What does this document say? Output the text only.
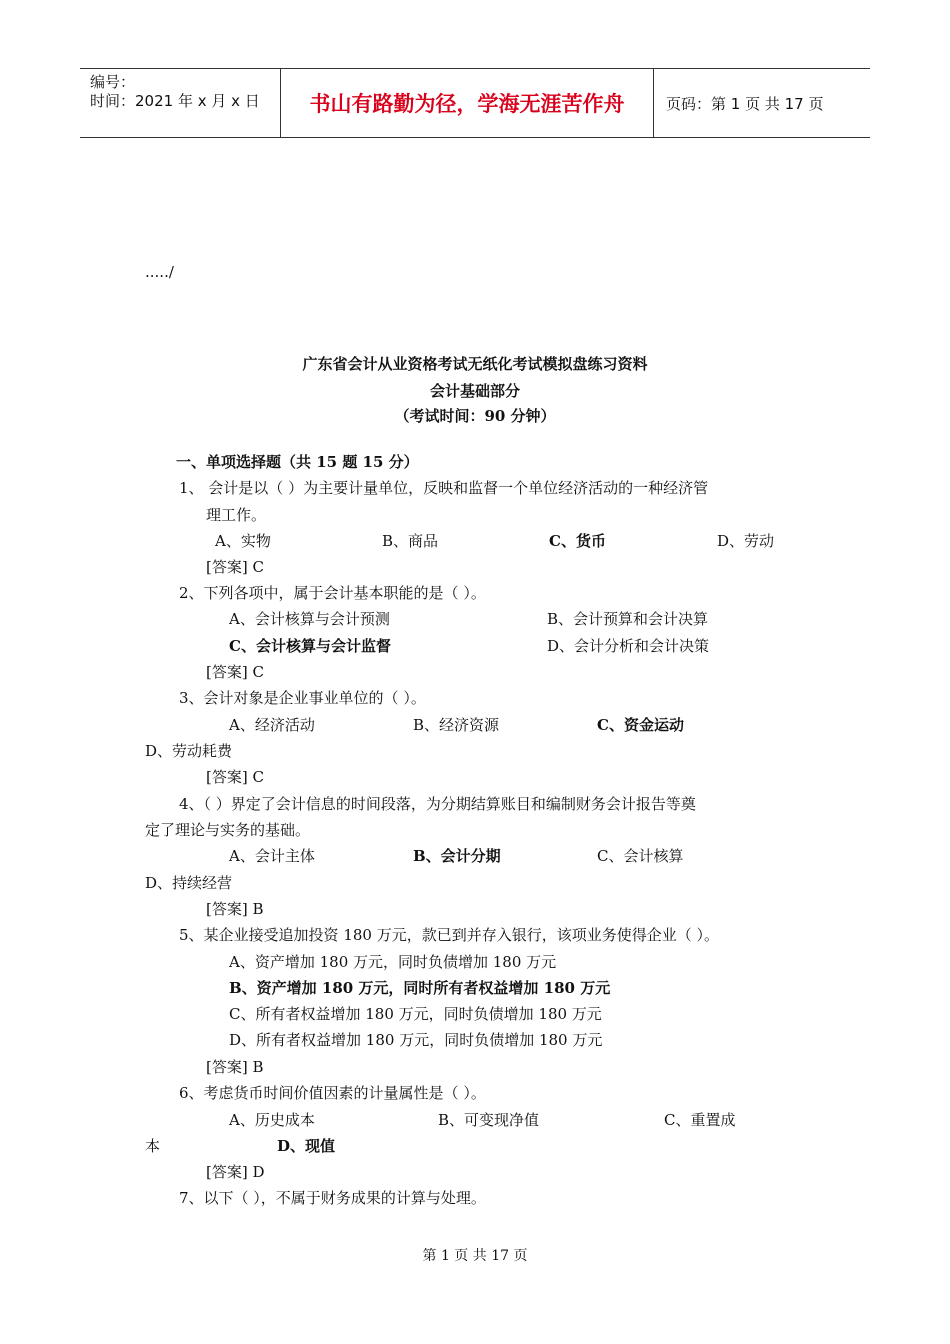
编号：
时间：2021 年 x 月 x 日	书山有路勤为径，学海无涯苦作舟	页码：第 1 页 共 17 页
...../
广东省会计从业资格考试无纸化考试模拟盘练习资料
会计基础部分
（考试时间：90 分钟）
一、单项选择题（共 15 题 15 分）
1、 会计是以（ ）为主要计量单位，反映和监督一个单位经济活动的一种经济管
理工作。
A、实物	B、商品	C、货币	D、劳动
[答案] C
2、下列各项中，属于会计基本职能的是（ ）。
A、会计核算与会计预测	B、会计预算和会计决算
C、会计核算与会计监督	D、会计分析和会计决策
[答案] C
3、会计对象是企业事业单位的（ ）。
A、经济活动	B、经济资源	C、资金运动
D、劳动耗费
[答案] C
4、（ ）界定了会计信息的时间段落，为分期结算账目和编制财务会计报告等奠
定了理论与实务的基础。
A、会计主体	B、会计分期	C、会计核算
D、持续经营
[答案] B
5、某企业接受追加投资 180 万元，款已到并存入银行，该项业务使得企业（ ）。
A、资产增加 180 万元，同时负债增加 180 万元
B、资产增加 180 万元，同时所有者权益增加 180 万元
C、所有者权益增加 180 万元，同时负债增加 180 万元
D、所有者权益增加 180 万元，同时负债增加 180 万元
[答案] B
6、考虑货币时间价值因素的计量属性是（ ）。
A、历史成本	B、可变现净值	C、重置成
本	D、现值
[答案] D
7、以下（ ），不属于财务成果的计算与处理。
第 1 页 共 17 页
